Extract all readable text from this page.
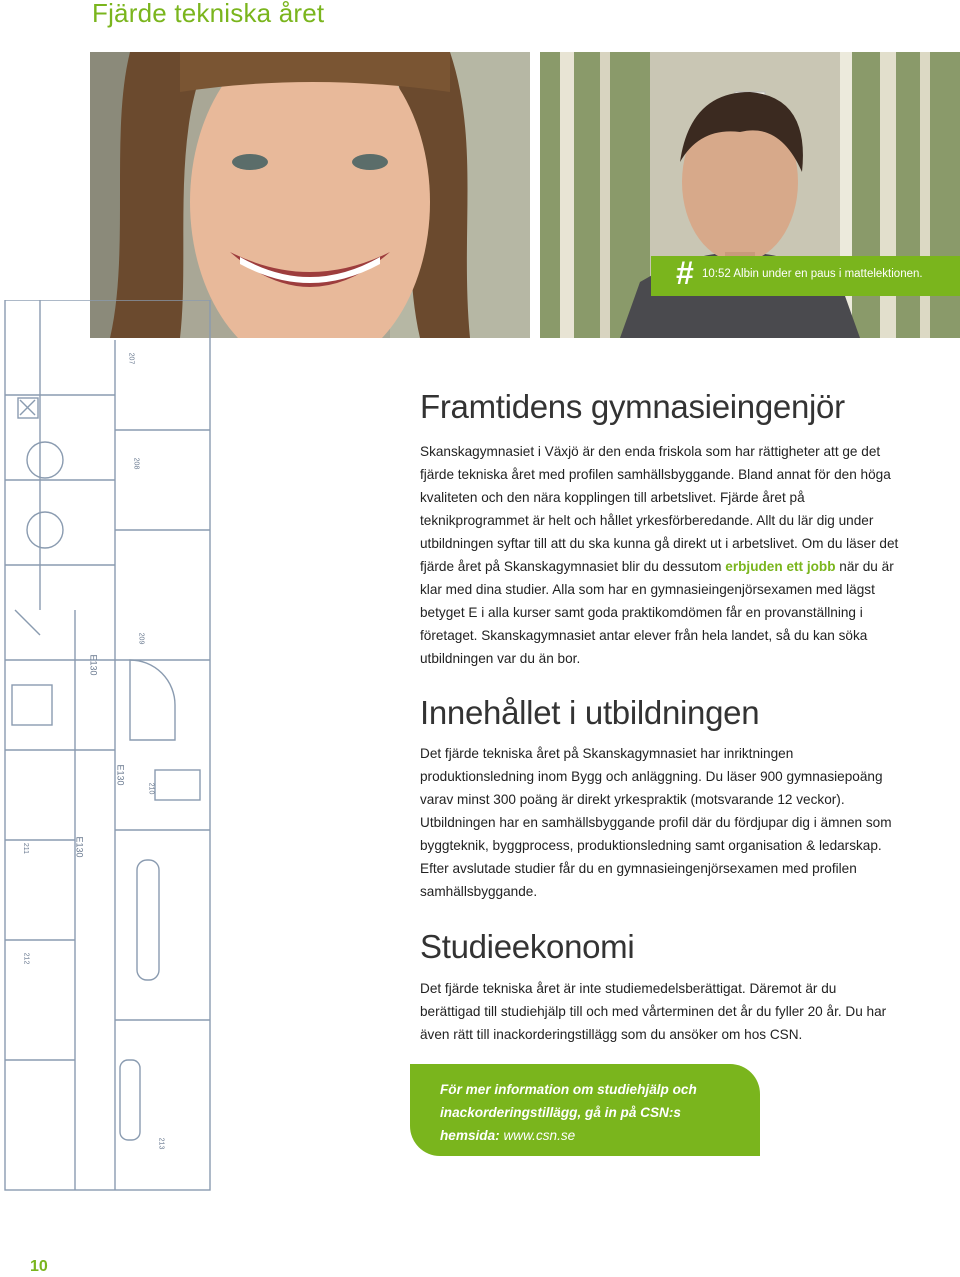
Fjärde tekniska året
# 10:52 Albin under en paus i mattelektionen.
E130
E130
E130
207
208
209
210
211
212
213
Framtidens gymnasieingenjör

Skanskagymnasiet i Växjö är den enda friskola som har rättigheter att ge det fjärde tekniska året med profilen samhällsbyggande. Bland annat för den höga kvaliteten och den nära kopplingen till arbetslivet. Fjärde året på teknikprogrammet är helt och hållet yrkesförberedande. Allt du lär dig under utbildningen syftar till att du ska kunna gå direkt ut i arbetslivet. Om du läser det fjärde året på Skanskagymnasiet blir du dessutom erbjuden ett jobb när du är klar med dina studier. Alla som har en gymnasieingenjörsexamen med lägst betyget E i alla kurser samt goda praktikomdömen får en provanställning i företaget. Skanskagymnasiet antar elever från hela landet, så du kan söka utbildningen var du än bor.

Innehållet i utbildningen

Det fjärde tekniska året på Skanskagymnasiet har inriktningen produktionsledning inom Bygg och anläggning. Du läser 900 gymnasiepoäng varav minst 300 poäng är direkt yrkespraktik (motsvarande 12 veckor). Utbildningen har en samhällsbyggande profil där du fördjupar dig i ämnen som byggteknik, byggprocess, produktionsledning samt organisation & ledarskap. Efter avslutade studier får du en gymnasieingenjörsexamen med profilen samhällsbyggande.

Studieekonomi

Det fjärde tekniska året är inte studiemedelsberättigat. Däremot är du berättigad till studiehjälp till och med vårterminen det år du fyller 20 år. Du har även rätt till inackorderingstillägg som du ansöker om hos CSN.

För mer information om studiehjälp och inackorderingstillägg, gå in på CSN:s hemsida: www.csn.se
10
